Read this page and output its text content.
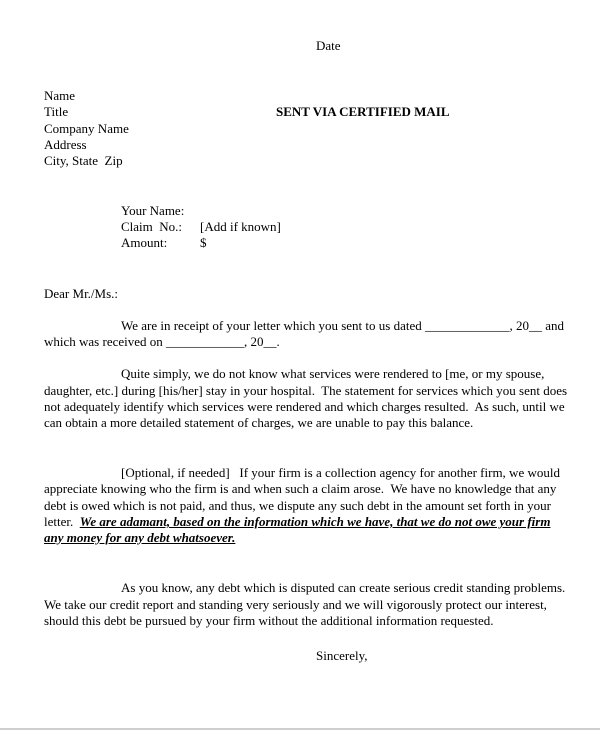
Date
Name
Title	SENT VIA CERTIFIED MAIL
Company Name
Address
City, State  Zip
Your Name:
Claim  No.: [Add if known]
Amount:	$
Dear Mr./Ms.:
We are in receipt of your letter which you sent to us dated _____________, 20__ and
which was received on ____________, 20__.
Quite simply, we do not know what services were rendered to [me, or my spouse,
daughter, etc.] during [his/her] stay in your hospital.  The statement for services which you sent does
not adequately identify which services were rendered and which charges resulted.  As such, until we
can obtain a more detailed statement of charges, we are unable to pay this balance.
[Optional, if needed]   If your firm is a collection agency for another firm, we would
appreciate knowing who the firm is and when such a claim arose.  We have no knowledge that any
debt is owed which is not paid, and thus, we dispute any such debt in the amount set forth in your
letter.  We are adamant, based on the information which we have, that we do not owe your firm
any money for any debt whatsoever.
As you know, any debt which is disputed can create serious credit standing problems.
We take our credit report and standing very seriously and we will vigorously protect our interest,
should this debt be pursued by your firm without the additional information requested.
Sincerely,
